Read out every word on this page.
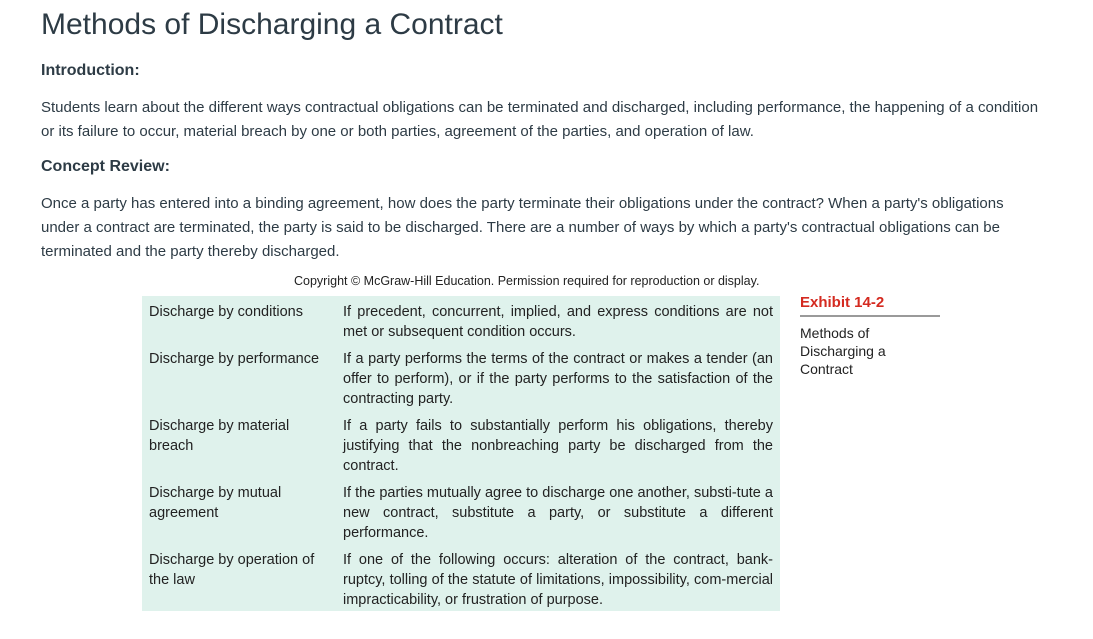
Methods of Discharging a Contract
Introduction:

Students learn about the different ways contractual obligations can be terminated and discharged, including performance, the happening of a condition or its failure to occur, material breach by one or both parties, agreement of the parties, and operation of law.

Concept Review:

Once a party has entered into a binding agreement, how does the party terminate their obligations under the contract? When a party's obligations under a contract are terminated, the party is said to be discharged. There are a number of ways by which a party's contractual obligations can be terminated and the party thereby discharged.

Copyright © McGraw-Hill Education. Permission required for reproduction or display.
Discharge by conditions	If precedent, concurrent, implied, and express conditions are not met or subsequent condition occurs.
Discharge by performance	If a party performs the terms of the contract or makes a tender (an offer to perform), or if the party performs to the satisfaction of the contracting party.
Discharge by material breach
If a party fails to substantially perform his obligations, thereby justifying that the nonbreaching party be discharged from the contract.
Discharge by mutual agreement
If the parties mutually agree to discharge one another, substi-tute a new contract, substitute a party, or substitute a different performance.
Discharge by operation of the law
If one of the following occurs: alteration of the contract, bank-ruptcy, tolling of the statute of limitations, impossibility, com-mercial impracticability, or frustration of purpose.
Exhibit 14-2
Methods of Discharging a Contract
